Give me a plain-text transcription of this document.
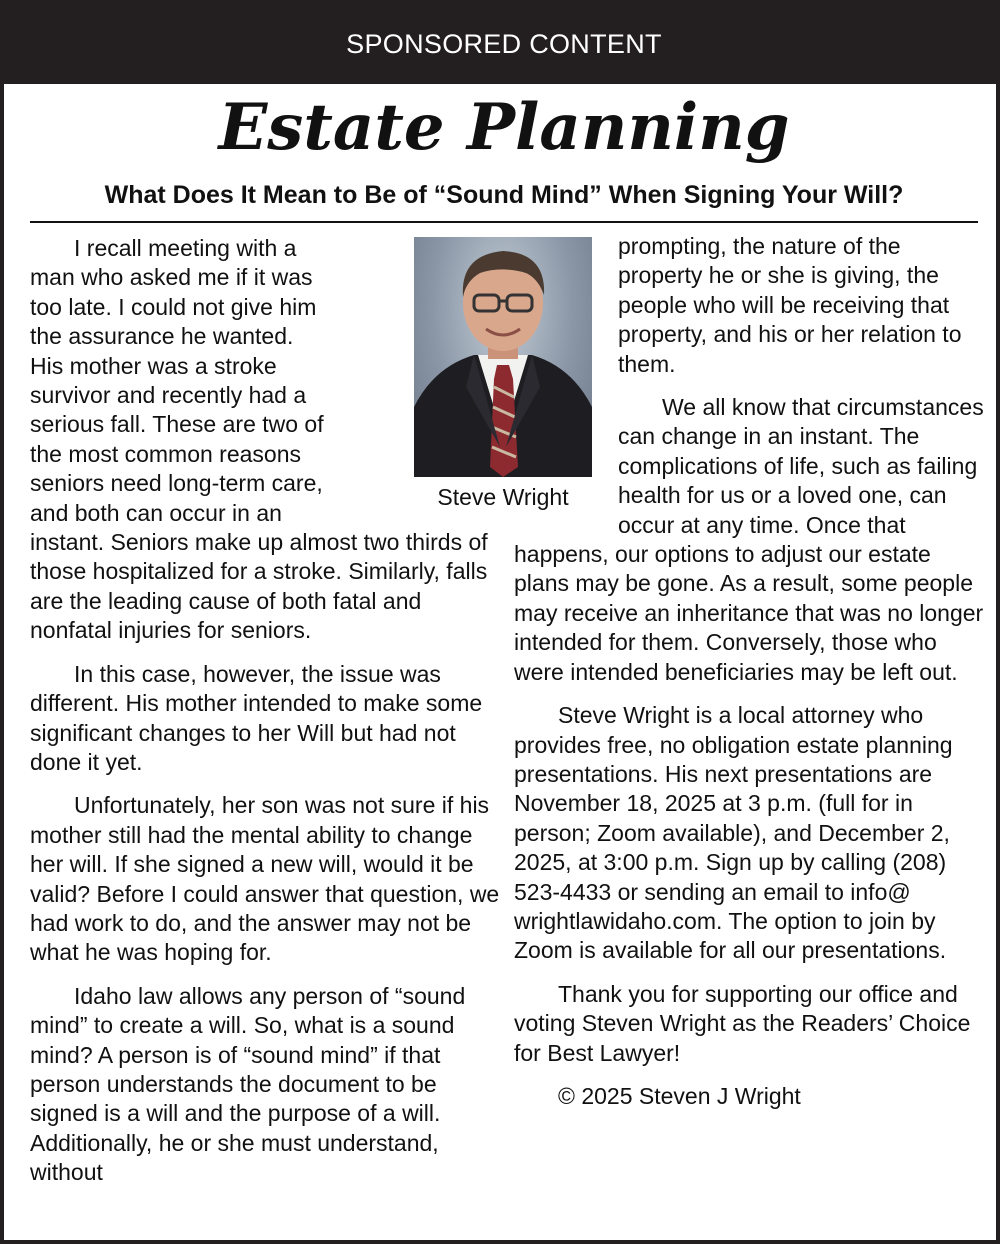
SPONSORED CONTENT
Estate Planning
What Does It Mean to Be of “Sound Mind” When Signing Your Will?

I recall meeting with a man who asked me if it was too late. I could not give him the assurance he wanted. His mother was a stroke survivor and recently had a serious fall. These are two of the most common reasons seniors need long-term care, and both can occur in an instant. Seniors make up almost two thirds of those hospitalized for a stroke. Similarly, falls are the leading cause of both fatal and nonfatal injuries for seniors.

In this case, however, the issue was different. His mother intended to make some significant changes to her Will but had not done it yet.

Unfortunately, her son was not sure if his mother still had the mental ability to change her will. If she signed a new will, would it be valid? Before I could answer that question, we had work to do, and the answer may not be what he was hoping for.

Idaho law allows any person of “sound mind” to create a will. So, what is a sound mind? A person is of “sound mind” if that person understands the document to be signed is a will and the purpose of a will. Additionally, he or she must understand, without

prompting, the nature of the property he or she is giving, the people who will be receiving that property, and his or her relation to them.

We all know that circumstances can change in an instant. The complications of life, such as failing health for us or a loved one, can occur at any time. Once that happens, our options to adjust our estate plans may be gone. As a result, some people may receive an inheritance that was no longer intended for them. Conversely, those who were intended beneficiaries may be left out.

Steve Wright is a local attorney who provides free, no obligation estate planning presentations. His next presentations are November 18, 2025 at 3 p.m. (full for in person; Zoom available), and December 2, 2025, at 3:00 p.m. Sign up by calling (208) 523-4433 or sending an email to info@ wrightlawidaho.com. The option to join by Zoom is available for all our presentations.

Thank you for supporting our office and voting Steven Wright as the Readers’ Choice for Best Lawyer!

© 2025 Steven J Wright

Steve Wright
